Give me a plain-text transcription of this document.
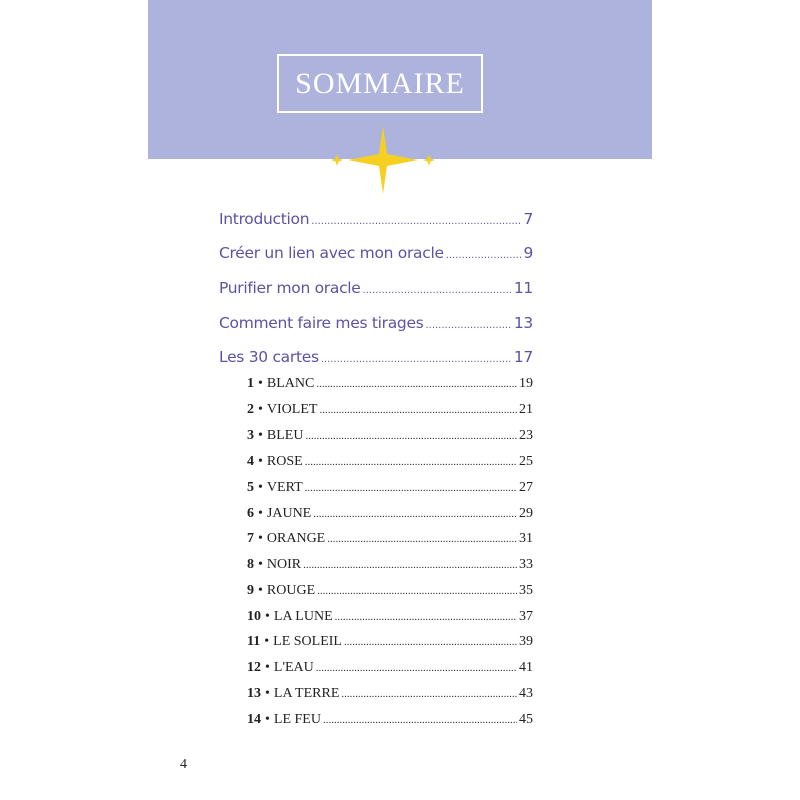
SOMMAIRE
Introduction .....	7
Créer un lien avec mon oracle .....	9
Purifier mon oracle .....	11
Comment faire mes tirages .....	13
Les 30 cartes .....	17
1 • BLANC .....	19
2 • VIOLET .....	21
3 • BLEU .....	23
4 • ROSE .....	25
5 • VERT .....	27
6 • JAUNE .....	29
7 • ORANGE .....	31
8 • NOIR .....	33
9 • ROUGE .....	35
10 • LA LUNE .....	37
11 • LE SOLEIL .....	39
12 • L'EAU .....	41
13 • LA TERRE .....	43
14 • LE FEU .....	45
4
